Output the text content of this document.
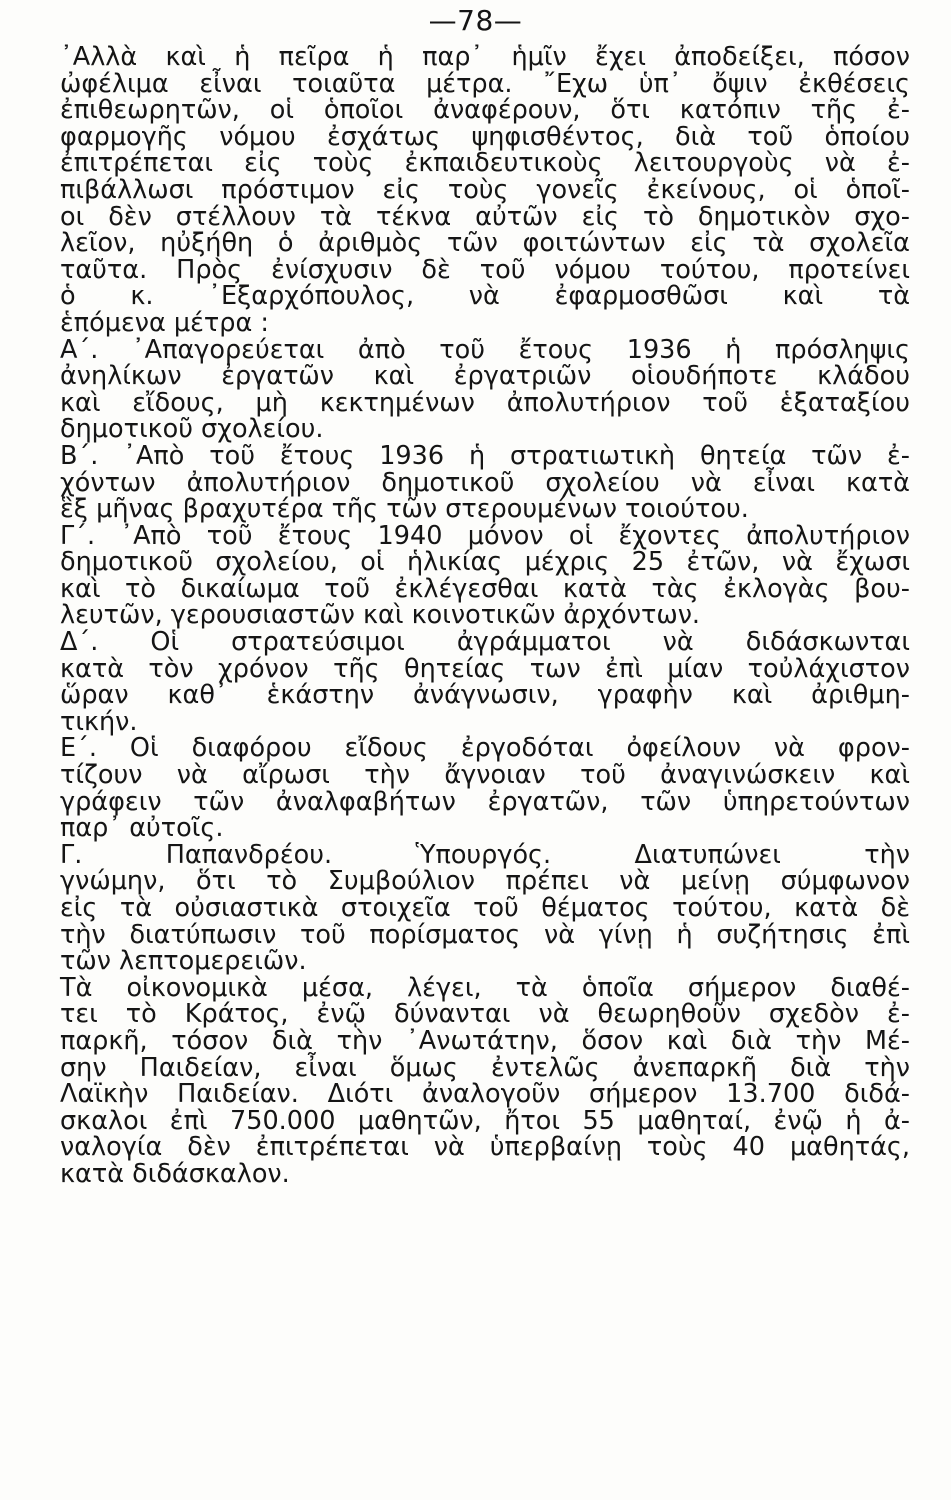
—78—
᾽Αλλὰ καὶ ἡ πεῖρα ἡ παρ᾽ ἡμῖν ἔχει ἀποδείξει, πόσον
ὠφέλιμα εἶναι τοιαῦτα μέτρα. ῎Εχω ὑπ᾽ ὄψιν ἐκθέσεις
ἐπιθεωρητῶν, οἱ ὁποῖοι ἀναφέρουν, ὅτι κατόπιν τῆς ἐ-
φαρμογῆς νόμου ἐσχάτως ψηφισθέντος, διὰ τοῦ ὁποίου
ἐπιτρέπεται εἰς τοὺς ἐκπαιδευτικοὺς λειτουργοὺς νὰ ἐ-
πιβάλλωσι πρόστιμον εἰς τοὺς γονεῖς ἐκείνους, οἱ ὁποῖ-
οι δὲν στέλλουν τὰ τέκνα αὐτῶν εἰς τὸ δημοτικὸν σχο-
λεῖον, ηὐξήθη ὁ ἀριθμὸς τῶν φοιτώντων εἰς τὰ σχολεῖα
ταῦτα. Πρὸς ἐνίσχυσιν δὲ τοῦ νόμου τούτου, προτείνει
ὁ κ. ᾽Εξαρχόπουλος, νὰ ἐφαρμοσθῶσι καὶ τὰ
ἑπόμενα μέτρα :
Α΄. ᾽Απαγορεύεται ἀπὸ τοῦ ἔτους 1936 ἡ πρόσληψις
ἀνηλίκων ἐργατῶν καὶ ἐργατριῶν οἱουδήποτε κλάδου
καὶ εἴδους, μὴ κεκτημένων ἀπολυτήριον τοῦ ἑξαταξίου
δημοτικοῦ σχολείου.
Β΄. ᾽Απὸ τοῦ ἔτους 1936 ἡ στρατιωτικὴ θητεία τῶν ἐ-
χόντων ἀπολυτήριον δημοτικοῦ σχολείου νὰ εἶναι κατὰ
ἓξ μῆνας βραχυτέρα τῆς τῶν στερουμένων τοιούτου.
Γ΄. ᾽Απὸ τοῦ ἔτους 1940 μόνον οἱ ἔχοντες ἀπολυτήριον
δημοτικοῦ σχολείου, οἱ ἡλικίας μέχρις 25 ἐτῶν, νὰ ἔχωσι
καὶ τὸ δικαίωμα τοῦ ἐκλέγεσθαι κατὰ τὰς ἐκλογὰς βου-
λευτῶν, γερουσιαστῶν καὶ κοινοτικῶν ἀρχόντων.
Δ΄. Οἱ στρατεύσιμοι ἀγράμματοι νὰ διδάσκωνται
κατὰ τὸν χρόνον τῆς θητείας των ἐπὶ μίαν τοὐλάχιστον
ὥραν καθ᾽ ἑκάστην ἀνάγνωσιν, γραφὴν καὶ ἀριθμη-
τικήν.
Ε΄. Οἱ διαφόρου εἴδους ἐργοδόται ὀφείλουν νὰ φρον-
τίζουν νὰ αἴρωσι τὴν ἄγνοιαν τοῦ ἀναγινώσκειν καὶ
γράφειν τῶν ἀναλφαβήτων ἐργατῶν, τῶν ὑπηρετούντων
παρ᾽ αὐτοῖς.
Γ. Παπανδρέου. Ὑπουργός. Διατυπώνει τὴν
γνώμην, ὅτι τὸ Συμβούλιον πρέπει νὰ μείνῃ σύμφωνον
εἰς τὰ οὐσιαστικὰ στοιχεῖα τοῦ θέματος τούτου, κατὰ δὲ
τὴν διατύπωσιν τοῦ πορίσματος νὰ γίνῃ ἡ συζήτησις ἐπὶ
τῶν λεπτομερειῶν.
Τὰ οἰκονομικὰ μέσα, λέγει, τὰ ὁποῖα σήμερον διαθέ-
τει τὸ Κράτος, ἐνῷ δύνανται νὰ θεωρηθοῦν σχεδὸν ἐ-
παρκῆ, τόσον διὰ τὴν ᾽Ανωτάτην, ὅσον καὶ διὰ τὴν Μέ-
σην Παιδείαν, εἶναι ὅμως ἐντελῶς ἀνεπαρκῆ διὰ τὴν
Λαϊκὴν Παιδείαν. Διότι ἀναλογοῦν σήμερον 13.700 διδά-
σκαλοι ἐπὶ 750.000 μαθητῶν, ἤτοι 55 μαθηταί, ἐνῷ ἡ ἀ-
ναλογία δὲν ἐπιτρέπεται νὰ ὑπερβαίνῃ τοὺς 40 μαθητάς,
κατὰ διδάσκαλον.
